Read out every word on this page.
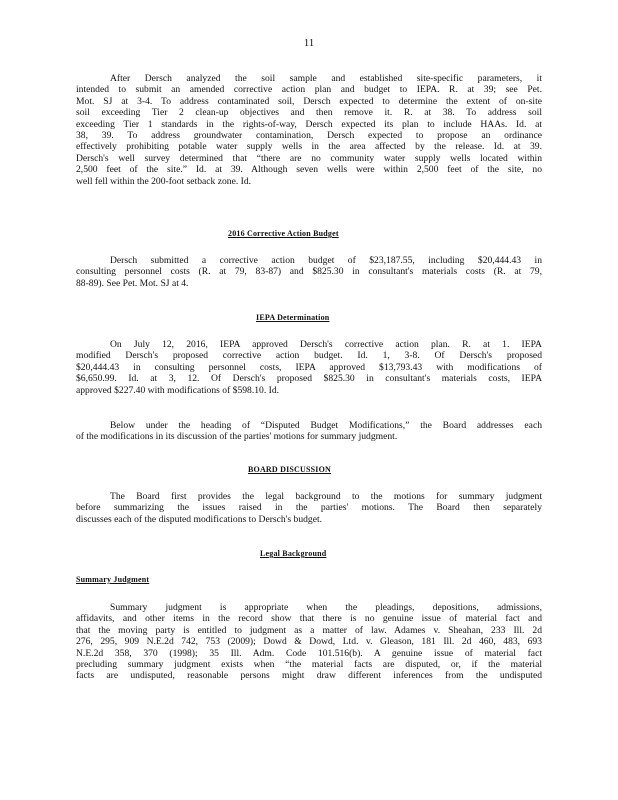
11
After Dersch analyzed the soil sample and established site-specific parameters, it
intended to submit an amended corrective action plan and budget to IEPA. R. at 39; see Pet.
Mot. SJ at 3-4. To address contaminated soil, Dersch expected to determine the extent of on-site
soil exceeding Tier 2 clean-up objectives and then remove it. R. at 38. To address soil
exceeding Tier 1 standards in the rights-of-way, Dersch expected its plan to include HAAs. Id. at
38, 39. To address groundwater contamination, Dersch expected to propose an ordinance
effectively prohibiting potable water supply wells in the area affected by the release. Id. at 39.
Dersch's well survey determined that “there are no community water supply wells located within
2,500 feet of the site.” Id. at 39. Although seven wells were within 2,500 feet of the site, no
well fell within the 200-foot setback zone. Id.
2016 Corrective Action Budget
Dersch submitted a corrective action budget of $23,187.55, including $20,444.43 in
consulting personnel costs (R. at 79, 83-87) and $825.30 in consultant's materials costs (R. at 79,
88-89). See Pet. Mot. SJ at 4.
IEPA Determination
On July 12, 2016, IEPA approved Dersch's corrective action plan. R. at 1. IEPA
modified Dersch's proposed corrective action budget. Id. 1, 3-8. Of Dersch's proposed
$20,444.43 in consulting personnel costs, IEPA approved $13,793.43 with modifications of
$6,650.99. Id. at 3, 12. Of Dersch's proposed $825.30 in consultant's materials costs, IEPA
approved $227.40 with modifications of $598.10. Id.
Below under the heading of “Disputed Budget Modifications,” the Board addresses each
of the modifications in its discussion of the parties' motions for summary judgment.
BOARD DISCUSSION
The Board first provides the legal background to the motions for summary judgment
before summarizing the issues raised in the parties' motions. The Board then separately
discusses each of the disputed modifications to Dersch's budget.
Legal Background
Summary Judgment
Summary judgment is appropriate when the pleadings, depositions, admissions,
affidavits, and other items in the record show that there is no genuine issue of material fact and
that the moving party is entitled to judgment as a matter of law. Adames v. Sheahan, 233 Ill. 2d
276, 295, 909 N.E.2d 742, 753 (2009); Dowd & Dowd, Ltd. v. Gleason, 181 Ill. 2d 460, 483, 693
N.E.2d 358, 370 (1998); 35 Ill. Adm. Code 101.516(b). A genuine issue of material fact
precluding summary judgment exists when “the material facts are disputed, or, if the material
facts are undisputed, reasonable persons might draw different inferences from the undisputed
